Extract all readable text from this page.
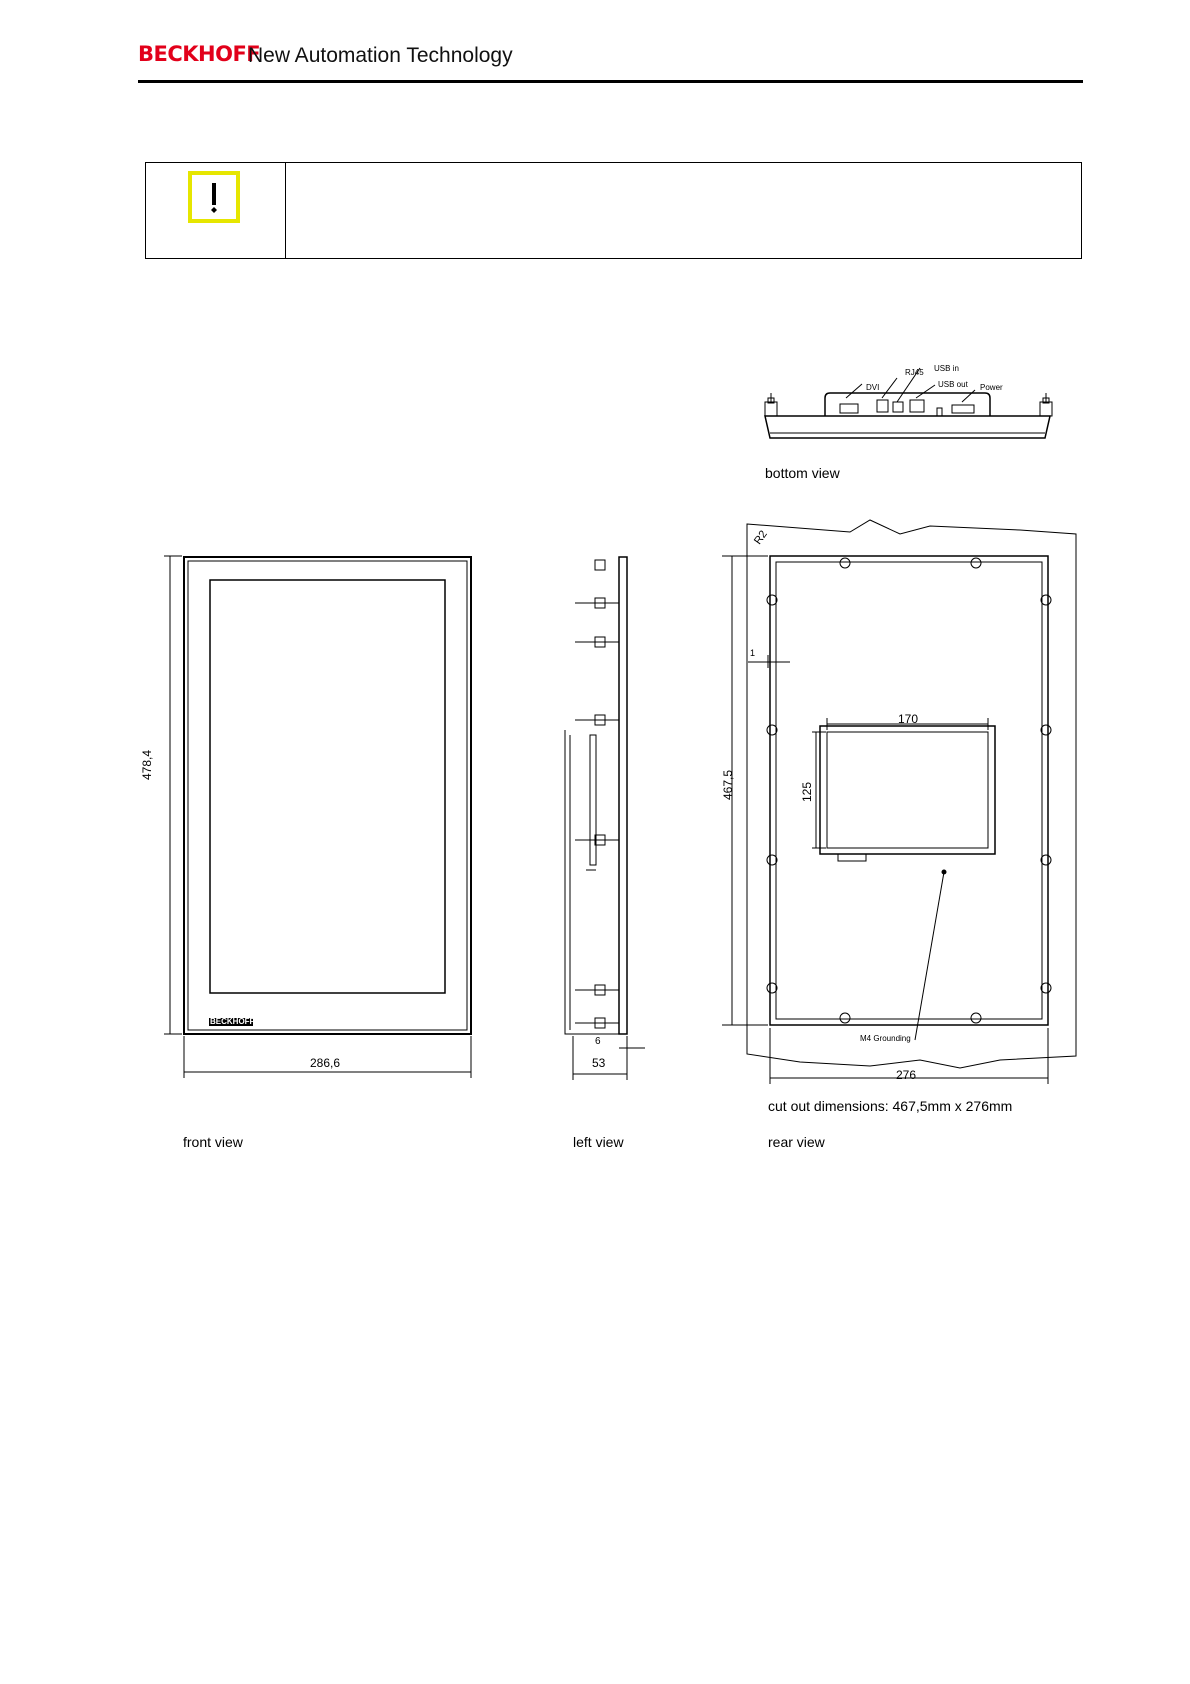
BECKHOFF
New Automation Technology
DVI
RJ45 USB in
USB out Power
bottom view
478,4
286,6
BECKHOFF
front view
6
53
left view
R2
1
467,5
276
170
125
M4 Grounding
cut out dimensions: 467,5mm x 276mm
rear view
